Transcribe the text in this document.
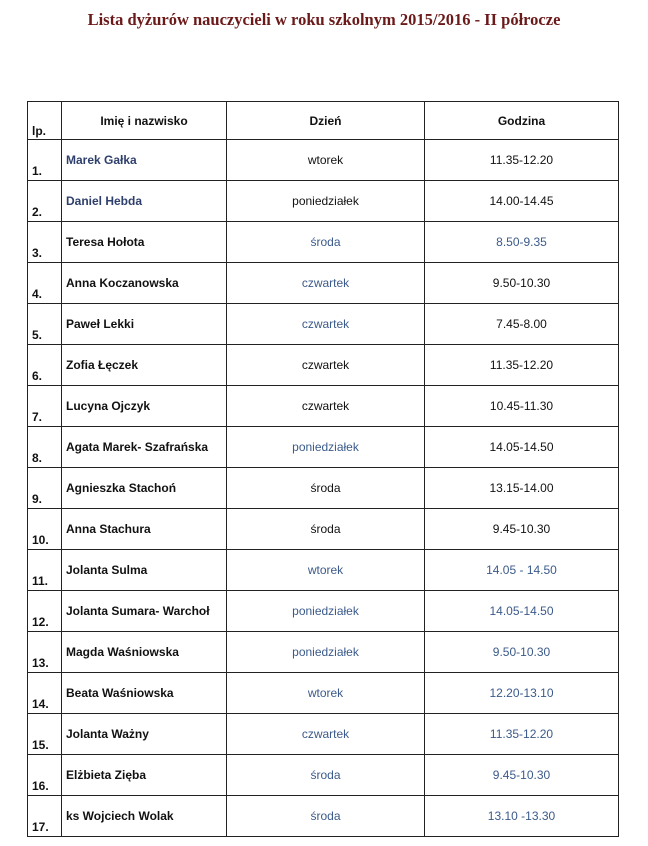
Lista dyżurów nauczycieli w roku szkolnym 2015/2016 - II półrocze
lp.	Imię i nazwisko	Dzień	Godzina
1.	Marek Gałka	wtorek	11.35-12.20
2.	Daniel Hebda	poniedziałek	14.00-14.45
3.	Teresa Hołota	środa	8.50-9.35
4.	Anna Koczanowska	czwartek	9.50-10.30
5.	Paweł Lekki	czwartek	7.45-8.00
6.	Zofia Łęczek	czwartek	11.35-12.20
7.	Lucyna Ojczyk	czwartek	10.45-11.30
8.	Agata Marek- Szafrańska	poniedziałek	14.05-14.50
9.	Agnieszka Stachoń	środa	13.15-14.00
10.	Anna Stachura	środa	9.45-10.30
11.	Jolanta Sulma	wtorek	14.05 - 14.50
12.	Jolanta Sumara- Warchoł	poniedziałek	14.05-14.50
13.	Magda Waśniowska	poniedziałek	9.50-10.30
14.	Beata Waśniowska	wtorek	12.20-13.10
15.	Jolanta Ważny	czwartek	11.35-12.20
16.	Elżbieta Zięba	środa	9.45-10.30
17.	ks Wojciech Wolak	środa	13.10 -13.30
